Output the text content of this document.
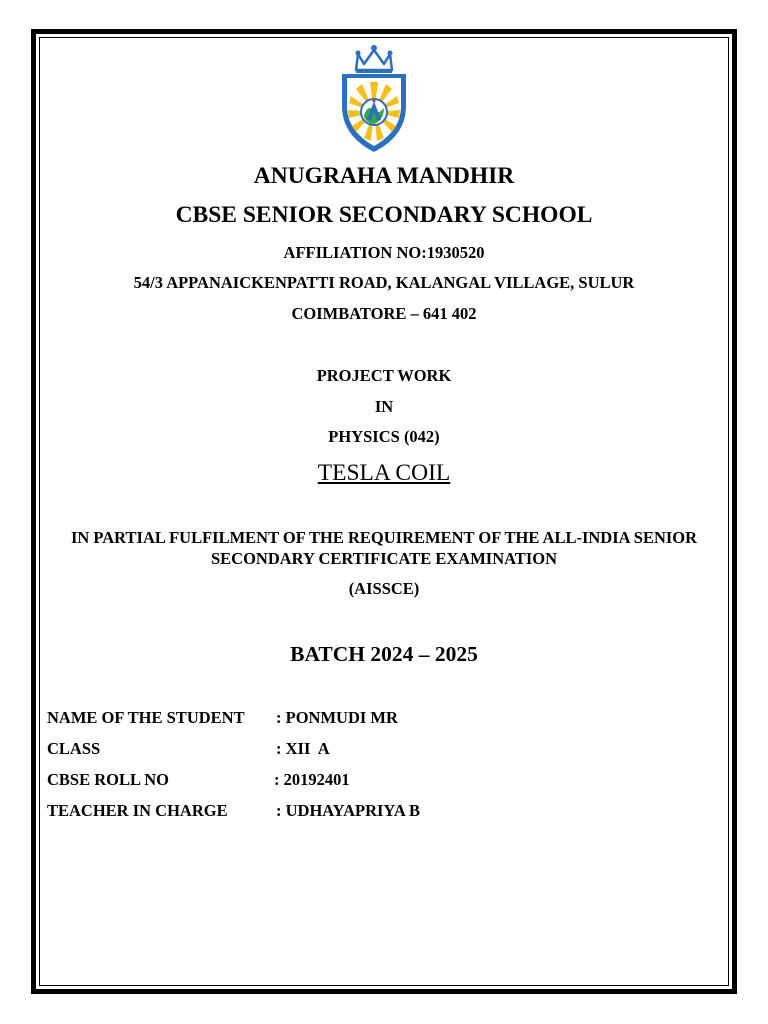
ANUGRAHA MANDHIR
CBSE SENIOR SECONDARY SCHOOL
AFFILIATION NO:1930520
54/3 APPANAICKENPATTI ROAD, KALANGAL VILLAGE, SULUR
COIMBATORE – 641 402
PROJECT WORK
IN
PHYSICS (042)
TESLA COIL
IN PARTIAL FULFILMENT OF THE REQUIREMENT OF THE ALL-INDIA SENIOR SECONDARY CERTIFICATE EXAMINATION
(AISSCE)
BATCH 2024 – 2025
NAME OF THE STUDENT : PONMUDI MR
CLASS	: XII  A
CBSE ROLL NO	: 20192401
TEACHER IN CHARGE	: UDHAYAPRIYA B
